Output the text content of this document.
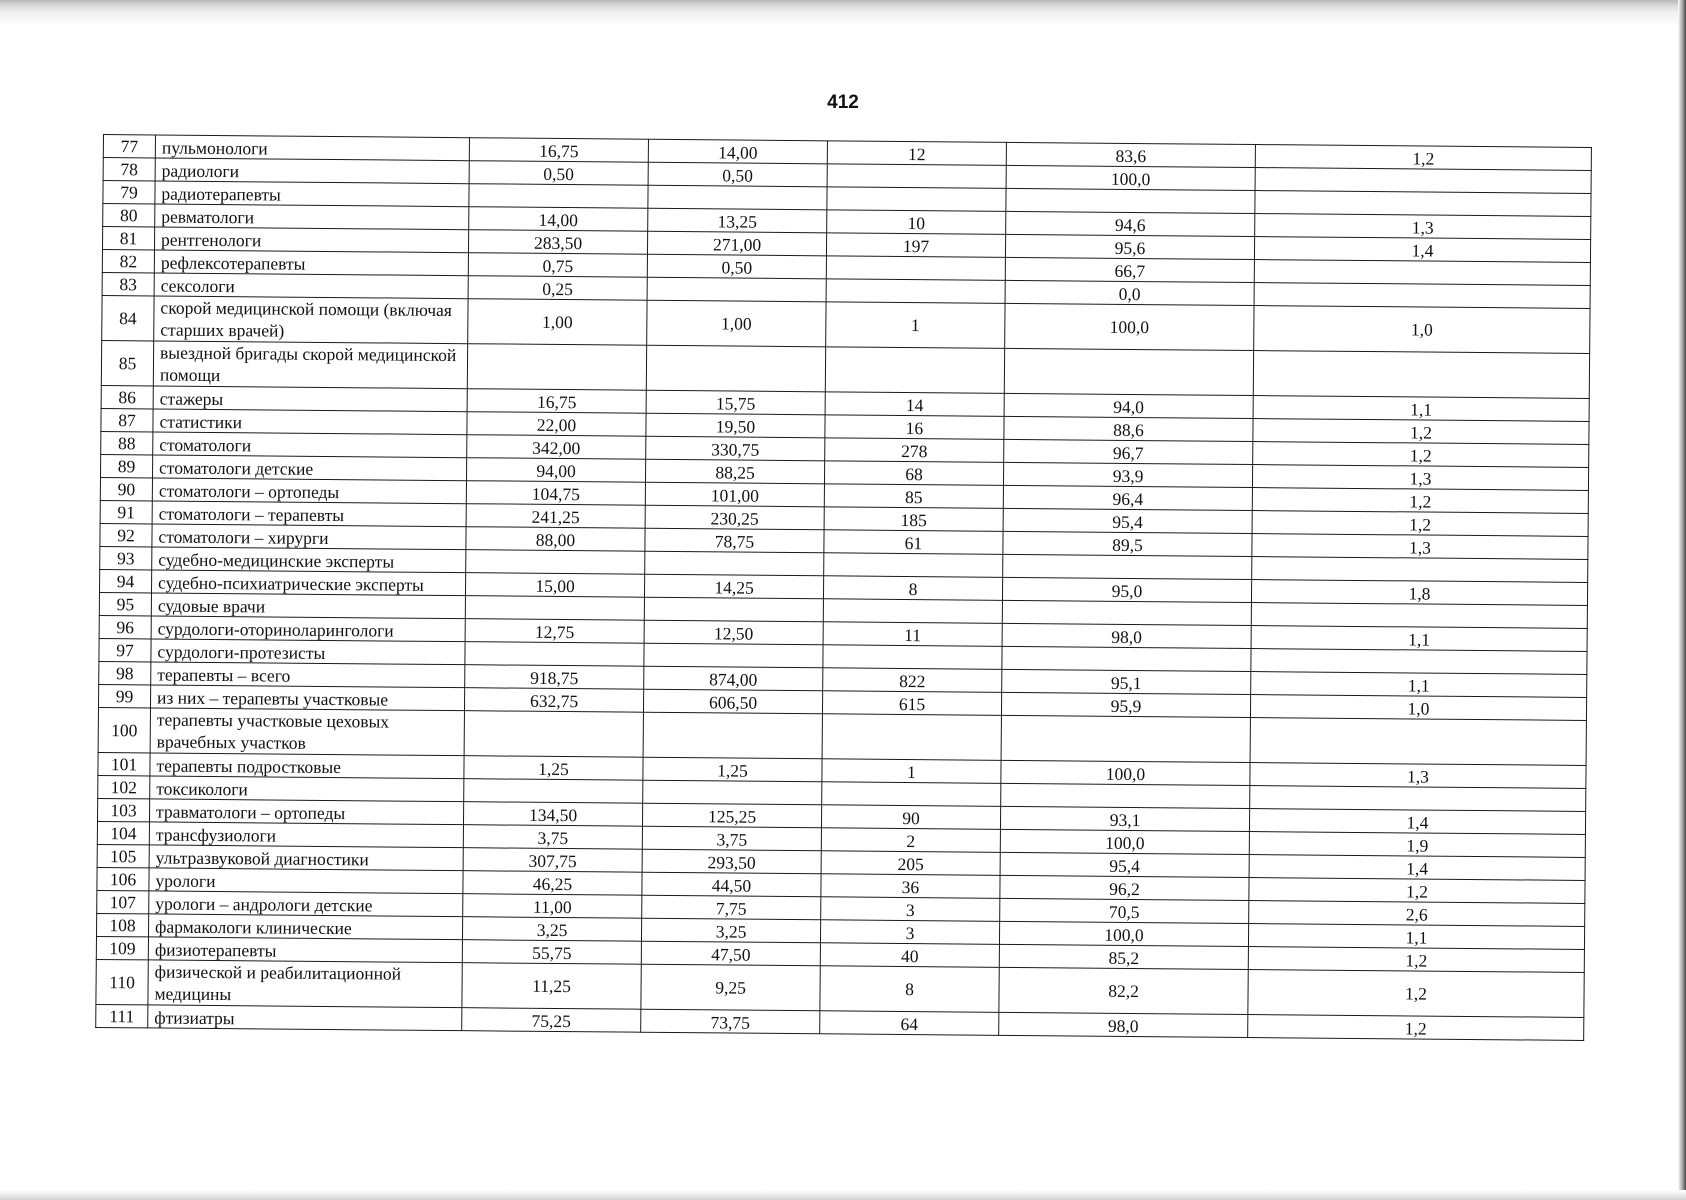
412
77	пульмонологи	16,75	14,00	12	83,6	1,2
78	радиологи	0,50	0,50		100,0	
79	радиотерапевты					
80	ревматологи	14,00	13,25	10	94,6	1,3
81	рентгенологи	283,50	271,00	197	95,6	1,4
82	рефлексотерапевты	0,75	0,50		66,7	
83	сексологи	0,25			0,0	
84	скорой медицинской помощи (включая старших врачей)	1,00	1,00	1	100,0	1,0
85	выездной бригады скорой медицинской помощи					
86	стажеры	16,75	15,75	14	94,0	1,1
87	статистики	22,00	19,50	16	88,6	1,2
88	стоматологи	342,00	330,75	278	96,7	1,2
89	стоматологи детские	94,00	88,25	68	93,9	1,3
90	стоматологи – ортопеды	104,75	101,00	85	96,4	1,2
91	стоматологи – терапевты	241,25	230,25	185	95,4	1,2
92	стоматологи – хирурги	88,00	78,75	61	89,5	1,3
93	судебно-медицинские эксперты					
94	судебно-психиатрические эксперты	15,00	14,25	8	95,0	1,8
95	судовые врачи					
96	сурдологи-оториноларингологи	12,75	12,50	11	98,0	1,1
97	сурдологи-протезисты					
98	терапевты – всего	918,75	874,00	822	95,1	1,1
99	из них – терапевты участковые	632,75	606,50	615	95,9	1,0
100	терапевты участковые цеховых врачебных участков					
101	терапевты подростковые	1,25	1,25	1	100,0	1,3
102	токсикологи					
103	травматологи – ортопеды	134,50	125,25	90	93,1	1,4
104	трансфузиологи	3,75	3,75	2	100,0	1,9
105	ультразвуковой диагностики	307,75	293,50	205	95,4	1,4
106	урологи	46,25	44,50	36	96,2	1,2
107	урологи – андрологи детские	11,00	7,75	3	70,5	2,6
108	фармакологи клинические	3,25	3,25	3	100,0	1,1
109	физиотерапевты	55,75	47,50	40	85,2	1,2
110	физической и реабилитационной медицины	11,25	9,25	8	82,2	1,2
111	фтизиатры	75,25	73,75	64	98,0	1,2
